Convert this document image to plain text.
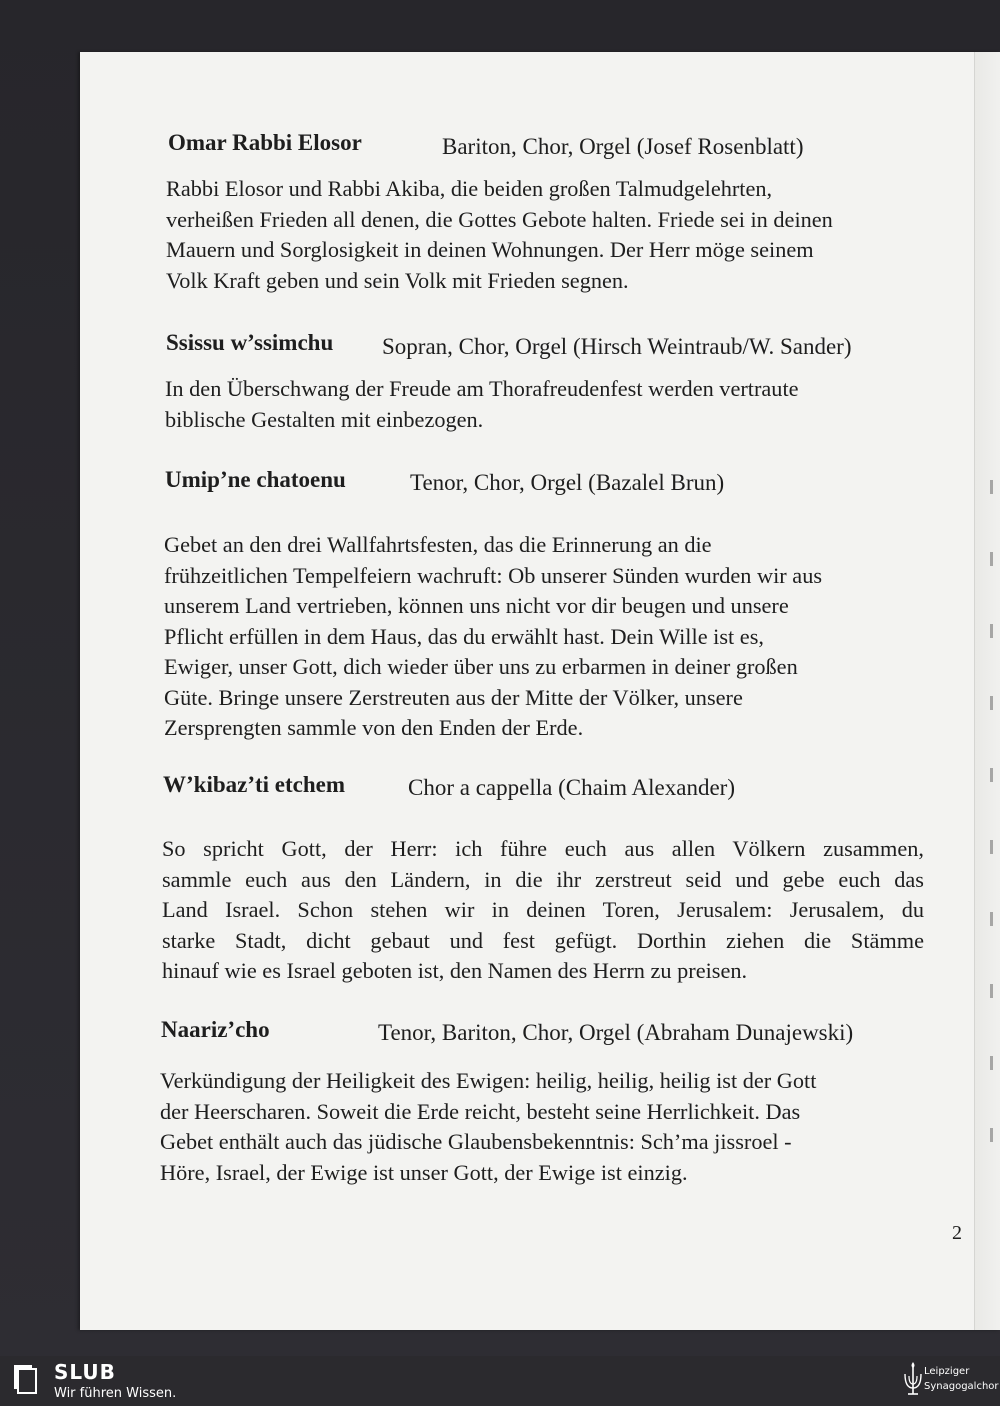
Omar Rabbi Elosor	Bariton, Chor, Orgel (Josef Rosenblatt)
Rabbi Elosor und Rabbi Akiba, die beiden großen Talmudgelehrten,
verheißen Frieden all denen, die Gottes Gebote halten. Friede sei in deinen
Mauern und Sorglosigkeit in deinen Wohnungen. Der Herr möge seinem
Volk Kraft geben und sein Volk mit Frieden segnen.
Ssissu w’ssimchu Sopran, Chor, Orgel (Hirsch Weintraub/W. Sander)
In den Überschwang der Freude am Thorafreudenfest werden vertraute
biblische Gestalten mit einbezogen.
Umip’ne chatoenu	Tenor, Chor, Orgel (Bazalel Brun)
Gebet an den drei Wallfahrtsfesten, das die Erinnerung an die
frühzeitlichen Tempelfeiern wachruft: Ob unserer Sünden wurden wir aus
unserem Land vertrieben, können uns nicht vor dir beugen und unsere
Pflicht erfüllen in dem Haus, das du erwählt hast. Dein Wille ist es,
Ewiger, unser Gott, dich wieder über uns zu erbarmen in deiner großen
Güte. Bringe unsere Zerstreuten aus der Mitte der Völker, unsere
Zersprengten sammle von den Enden der Erde.
W’kibaz’ti etchem	Chor a cappella (Chaim Alexander)
So spricht Gott, der Herr: ich führe euch aus allen Völkern zusammen,
sammle euch aus den Ländern, in die ihr zerstreut seid und gebe euch das
Land Israel. Schon stehen wir in deinen Toren, Jerusalem: Jerusalem, du
starke Stadt, dicht gebaut und fest gefügt. Dorthin ziehen die Stämme
hinauf wie es Israel geboten ist, den Namen des Herrn zu preisen.
Naariz’cho	Tenor, Bariton, Chor, Orgel (Abraham Dunajewski)
Verkündigung der Heiligkeit des Ewigen: heilig, heilig, heilig ist der Gott
der Heerscharen. Soweit die Erde reicht, besteht seine Herrlichkeit. Das
Gebet enthält auch das jüdische Glaubensbekenntnis: Sch’ma jissroel -
Höre, Israel, der Ewige ist unser Gott, der Ewige ist einzig.
2
SLUB
Wir führen Wissen.
Leipziger
Synagogalchor
